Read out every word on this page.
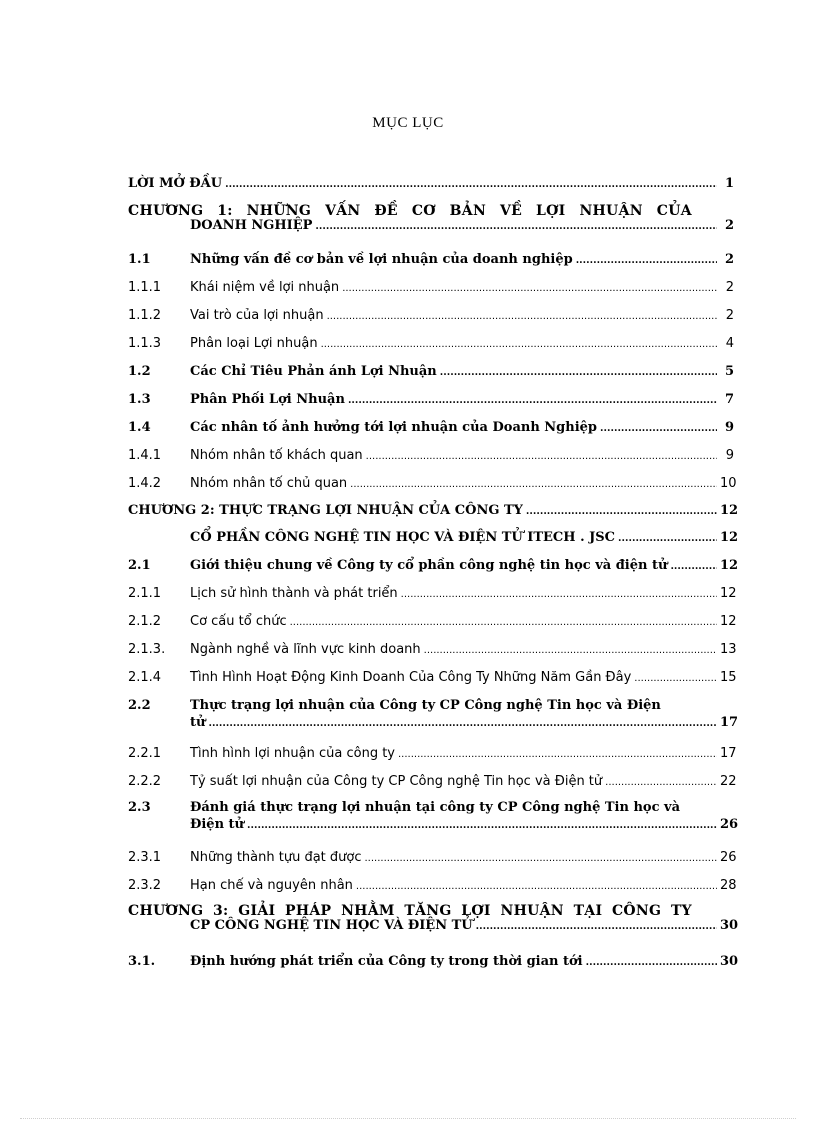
MỤC LỤC
LỜI MỞ ĐẦU .....	1
CHƯƠNG 1: NHỮNG VẤN ĐỀ CƠ BẢN VỀ LỢI NHUẬN CỦA
DOANH NGHIỆP .....	2
1.1	Những vấn đề cơ bản về lợi nhuận của doanh nghiệp .....	2
1.1.1 Khái niệm về lợi nhuận .....	2
1.1.2 Vai trò của lợi nhuận .....	2
1.1.3 Phân loại Lợi nhuận .....	4
1.2	Các Chỉ Tiêu Phản ánh Lợi Nhuận .....	5
1.3	Phân Phối Lợi Nhuận .....	7
1.4	Các nhân tố ảnh hưởng tới lợi nhuận của Doanh Nghiệp .....	9
1.4.1 Nhóm nhân tố khách quan .....	9
1.4.2 Nhóm nhân tố chủ quan .....	10
CHƯƠNG 2: THỰC TRẠNG LỢI NHUẬN CỦA CÔNG TY .....	12
CỔ PHẦN CÔNG NGHỆ TIN HỌC VÀ ĐIỆN TỬ ITECH . JSC .....	12
2.1	Giới thiệu chung về Công ty cổ phần công nghệ tin học và điện tử .....	12
2.1.1 Lịch sử hình thành và phát triển .....	12
2.1.2 Cơ cấu tổ chức .....	12
2.1.3. Ngành nghề và lĩnh vực kinh doanh .....	13
2.1.4 Tình Hình Hoạt Động Kinh Doanh Của Công Ty Những Năm Gần Đây .....	15
2.2	Thực trạng lợi nhuận của Công ty CP Công nghệ Tin học và Điện
tử .....	17
2.2.1 Tình hình lợi nhuận của công ty .....	17
2.2.2 Tỷ suất lợi nhuận của Công ty CP Công nghệ Tin học và Điện tử .....	22
2.3	Đánh giá thực trạng lợi nhuận tại công ty CP Công nghệ Tin học và
Điện tử .....	26
2.3.1 Những thành tựu đạt được .....	26
2.3.2 Hạn chế và nguyên nhân .....	28
CHƯƠNG 3: GIẢI PHÁP NHẰM TĂNG LỢI NHUẬN TẠI CÔNG TY
CP CÔNG NGHỆ TIN HỌC VÀ ĐIỆN TỬ .....	30
3.1.	Định hướng phát triển của Công ty trong thời gian tới .....	30
